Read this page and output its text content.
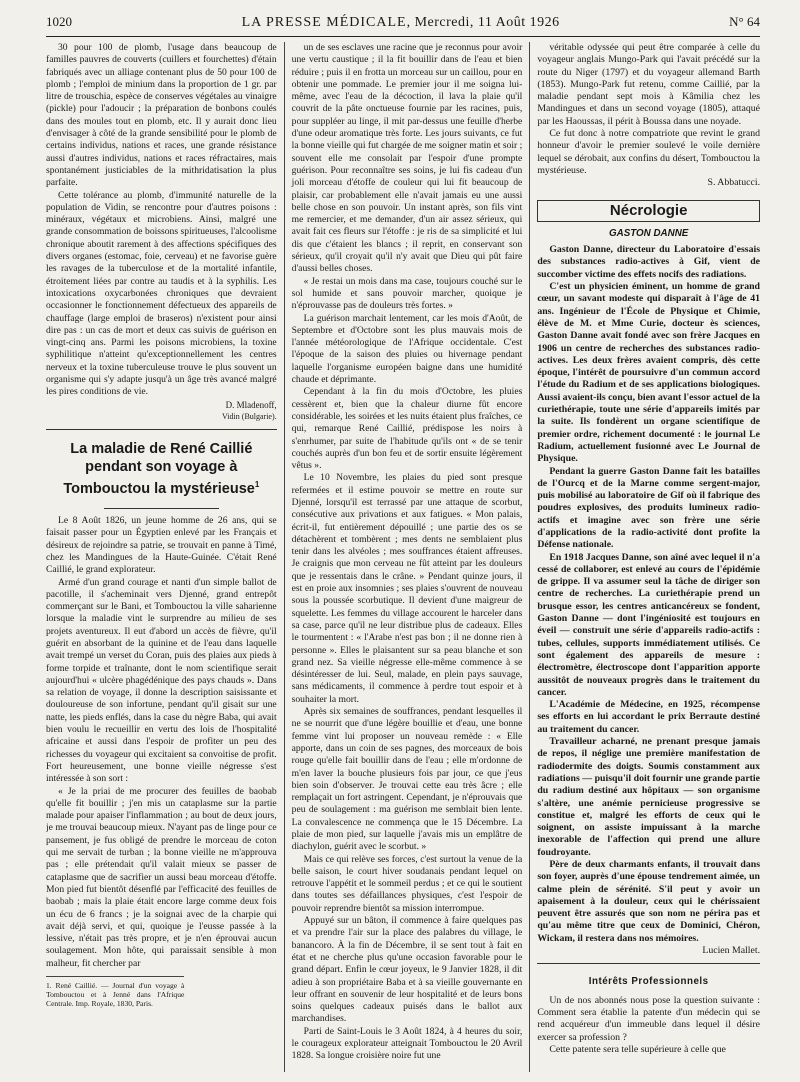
1020	LA PRESSE MÉDICALE, Mercredi, 11 Août 1926	N° 64

30 pour 100 de plomb, l'usage dans beaucoup de familles pauvres de couverts (cuillers et fourchettes) d'étain fabriqués avec un alliage contenant plus de 50 pour 100 de plomb ; l'emploi de minium dans la proportion de 1 gr. par litre de trouschia, espèce de conserves végétales au vinaigre (pickle) pour l'adoucir ; la préparation de bonbons coulés dans des moules tout en plomb, etc. Il y aurait donc lieu d'envisager à côté de la grande sensibilité pour le plomb de certains individus, nations et races, une grande résistance aussi d'autres individus, nations et races réfractaires, mais spontanément justiciables de la mithridatisation la plus parfaite.

Cette tolérance au plomb, d'immunité naturelle de la population de Vidin, se rencontre pour d'autres poisons : minéraux, végétaux et microbiens. Ainsi, malgré une grande consommation de boissons spiritueuses, l'alcoolisme chronique aboutit rarement à des affections spécifiques des divers organes (estomac, foie, cerveau) et ne favorise guère les ravages de la tuberculose et de la mortalité infantile, étroitement liées par contre au taudis et à la syphilis. Les intoxications oxycarbonées chroniques que devraient occasionner le fonctionnement défectueux des appareils de chauffage (large emploi de braseros) n'existent pour ainsi dire pas : un cas de mort et deux cas suivis de guérison en vingt-cinq ans. Parmi les poisons microbiens, la toxine syphilitique n'atteint qu'exceptionnellement les centres nerveux et la toxine tuberculeuse trouve le plus souvent un organisme qui s'y adapte jusqu'à un âge très avancé malgré les pires conditions de vie.

D. Mladenoff,

Vidin (Bulgarie).

La maladie de René Caillié pendant son voyage à Tombouctou la mystérieuse$^1$

Le 8 Août 1826, un jeune homme de 26 ans, qui se faisait passer pour un Égyptien enlevé par les Français et désireux de rejoindre sa patrie, se trouvait en panne à Timé, chez les Mandingues de la Haute-Guinée. C'était René Caillié, le grand explorateur.

Armé d'un grand courage et nanti d'un simple ballot de pacotille, il s'acheminait vers Djenné, grand entrepôt commerçant sur le Bani, et Tombouctou la ville saharienne lorsque la maladie vint le surprendre au milieu de ses projets aventureux. Il eut d'abord un accès de fièvre, qu'il guérit en absorbant de la quinine et de l'eau dans laquelle avait trempé un verset du Coran, puis des plaies aux pieds à forme torpide et traînante, dont le nom scientifique serait aujourd'hui « ulcère phagédénique des pays chauds ». Dans sa relation de voyage, il donne la description saisissante et douloureuse de son infortune, pendant qu'il gisait sur une natte, les pieds enflés, dans la case du nègre Baba, qui avait bien voulu le recueillir en vertu des lois de l'hospitalité africaine et aussi dans l'espoir de profiter un peu des richesses du voyageur qui excitaient sa convoitise de profit. Fort heureusement, une bonne vieille négresse s'est intéressée à son sort :

« Je la priai de me procurer des feuilles de baobab qu'elle fit bouillir ; j'en mis un cataplasme sur la partie malade pour apaiser l'inflammation ; au bout de deux jours, je me trouvai beaucoup mieux. N'ayant pas de linge pour ce pansement, je fus obligé de prendre le morceau de coton qui me servait de turban ; la bonne vieille ne m'approuva pas ; elle prétendait qu'il valait mieux se passer de cataplasme que de sacrifier un aussi beau morceau d'étoffe. Mon pied fut bientôt désenflé par l'efficacité des feuilles de baobab ; mais la plaie était encore large comme deux fois un écu de 6 francs ; je la soignai avec de la charpie qui avait déjà servi, et qui, quoique je l'eusse passée à la lessive, n'était pas très propre, et je n'en éprouvai aucun soulagement. Mon hôte, qui paraissait sensible à mon malheur, fit chercher par

1. René Caillié. — Journal d'un voyage à Tombouctou et à Jenné dans l'Afrique Centrale. Imp. Royale, 1830, Paris.

un de ses esclaves une racine que je reconnus pour avoir une vertu caustique ; il la fit bouillir dans de l'eau et bien réduire ; puis il en frotta un morceau sur un caillou, pour en obtenir une pommade. Le premier jour il me soigna lui-même, avec l'eau de la décoction, il lava la plaie qu'il couvrit de la pâte onctueuse fournie par les racines, puis, pour suppléer au linge, il mit par-dessus une feuille d'herbe d'une odeur aromatique très forte. Les jours suivants, ce fut la bonne vieille qui fut chargée de me soigner matin et soir ; souvent elle me consolait par l'espoir d'une prompte guérison. Pour reconnaître ses soins, je lui fis cadeau d'un joli morceau d'étoffe de couleur qui lui fit beaucoup de plaisir, car probablement elle n'avait jamais eu une aussi belle chose en son pouvoir. Un instant après, son fils vint me remercier, et me demander, d'un air assez sérieux, qui avait fait ces fleurs sur l'étoffe : je ris de sa simplicité et lui dis que c'étaient les blancs ; il reprit, en conservant son sérieux, qu'il croyait qu'il n'y avait que Dieu qui pût faire d'aussi belles choses.

« Je restai un mois dans ma case, toujours couché sur le sol humide et sans pouvoir marcher, quoique je n'éprouvasse pas de douleurs très fortes. »

La guérison marchait lentement, car les mois d'Août, de Septembre et d'Octobre sont les plus mauvais mois de l'année météorologique de l'Afrique occidentale. C'est l'époque de la saison des pluies ou hivernage pendant laquelle l'organisme européen baigne dans une humidité chaude et déprimante.

Cependant à la fin du mois d'Octobre, les pluies cessèrent et, bien que la chaleur diurne fût encore considérable, les soirées et les nuits étaient plus fraîches, ce qui, remarque René Caillié, prédispose les noirs à s'enrhumer, par suite de l'habitude qu'ils ont « de se tenir couchés auprès d'un bon feu et de sortir ensuite légèrement vêtus ».

Le 10 Novembre, les plaies du pied sont presque refermées et il estime pouvoir se mettre en route sur Djenné, lorsqu'il est terrassé par une attaque de scorbut, consécutive aux privations et aux fatigues. « Mon palais, écrit-il, fut entièrement dépouillé ; une partie des os se détachèrent et tombèrent ; mes dents ne semblaient plus tenir dans les alvéoles ; mes souffrances étaient affreuses. Je craignis que mon cerveau ne fût atteint par les douleurs que je ressentais dans le crâne. » Pendant quinze jours, il est en proie aux insomnies ; ses plaies s'ouvrent de nouveau sous la poussée scorbutique. Il devient d'une maigreur de squelette. Les femmes du village accourent le harceler dans sa case, parce qu'il ne leur distribue plus de cadeaux. Elles le tourmentent : « l'Arabe n'est pas bon ; il ne donne rien à personne ». Elles le plaisantent sur sa peau blanche et son grand nez. Sa vieille négresse elle-même commence à se désintéresser de lui. Seul, malade, en plein pays sauvage, sans médicaments, il commence à perdre tout espoir et à souhaiter la mort.

Après six semaines de souffrances, pendant lesquelles il ne se nourrit que d'une légère bouillie et d'eau, une bonne femme vint lui proposer un nouveau remède : « Elle apporte, dans un coin de ses pagnes, des morceaux de bois rouge qu'elle fait bouillir dans de l'eau ; elle m'ordonne de m'en laver la bouche plusieurs fois par jour, ce que j'eus bien soin d'observer. Je trouvai cette eau très âcre ; elle remplaçait un fort astringent. Cependant, je n'éprouvais que peu de soulagement : ma guérison me semblait bien lente. La convalescence ne commença que le 15 Décembre. La plaie de mon pied, sur laquelle j'avais mis un emplâtre de diachylon, guérit avec le scorbut. »

Mais ce qui relève ses forces, c'est surtout la venue de la belle saison, le court hiver soudanais pendant lequel on retrouve l'appétit et le sommeil perdus ; et ce qui le soutient dans toutes ses défaillances physiques, c'est l'espoir de pouvoir reprendre bientôt sa mission interrompue.

Appuyé sur un bâton, il commence à faire quelques pas et va prendre l'air sur la place des palabres du village, le banancoro. À la fin de Décembre, il se sent tout à fait en état et ne cherche plus qu'une occasion favorable pour le grand départ. Enfin le cœur joyeux, le 9 Janvier 1828, il dit adieu à son propriétaire Baba et à sa vieille gouvernante en leur offrant en souvenir de leur hospitalité et de leurs bons soins quelques cadeaux puisés dans le ballot aux marchandises.

Parti de Saint-Louis le 3 Août 1824, à 4 heures du soir, le courageux explorateur atteignait Tombouctou le 20 Avril 1828. Sa longue croisière noire fut une

véritable odyssée qui peut être comparée à celle du voyageur anglais Mungo-Park qui l'avait précédé sur la route du Niger (1797) et du voyageur allemand Barth (1853). Mungo-Park fut retenu, comme Caillié, par la maladie pendant sept mois à Kâmilia chez les Mandingues et dans un second voyage (1805), attaqué par les Haoussas, il périt à Boussa dans une noyade.

Ce fut donc à notre compatriote que revint le grand honneur d'avoir le premier soulevé le voile dernière lequel se dérobait, aux confins du désert, Tombouctou la mystérieuse.

S. Abbatucci.

Nécrologie

GASTON DANNE

Gaston Danne, directeur du Laboratoire d'essais des substances radio-actives à Gif, vient de succomber victime des effets nocifs des radiations.

C'est un physicien éminent, un homme de grand cœur, un savant modeste qui disparaît à l'âge de 41 ans. Ingénieur de l'École de Physique et Chimie, élève de M. et Mme Curie, docteur ès sciences, Gaston Danne avait fondé avec son frère Jacques en 1906 un centre de recherches des substances radio-actives. Les deux frères avaient compris, dès cette époque, l'intérêt de poursuivre d'un commun accord l'étude du Radium et de ses applications biologiques. Aussi avaient-ils conçu, bien avant l'essor actuel de la curiethérapie, toute une série d'appareils imités par la suite. Ils fondèrent un organe scientifique de premier ordre, richement documenté : le journal Le Radium, actuellement fusionné avec Le Journal de Physique.

Pendant la guerre Gaston Danne fait les batailles de l'Ourcq et de la Marne comme sergent-major, puis mobilisé au laboratoire de Gif où il fabrique des poudres explosives, des produits lumineux radio-actifs et imagine avec son frère une série d'applications de la radio-activité dont profite la Défense nationale.

En 1918 Jacques Danne, son aîné avec lequel il n'a cessé de collaborer, est enlevé au cours de l'épidémie de grippe. Il va assumer seul la tâche de diriger son centre de recherches. La curiethérapie prend un brusque essor, les centres anticancéreux se fondent, Gaston Danne — dont l'ingéniosité est toujours en éveil — construit une série d'appareils radio-actifs : tubes, cellules, supports immédiatement utilisés. Ce sont également des appareils de mesure : électromètre, électroscope dont l'apparition apporte aussitôt de nouveaux progrès dans le traitement du cancer.

L'Académie de Médecine, en 1925, récompense ses efforts en lui accordant le prix Berraute destiné au traitement du cancer.

Travailleur acharné, ne prenant presque jamais de repos, il néglige une première manifestation de radiodermite des doigts. Soumis constamment aux radiations — puisqu'il doit fournir une grande partie du radium destiné aux hôpitaux — son organisme s'altère, une anémie pernicieuse progressive se constitue et, malgré les efforts de ceux qui le soignent, on assiste impuissant à la marche inexorable de l'affection qui prend une allure foudroyante.

Père de deux charmants enfants, il trouvait dans son foyer, auprès d'une épouse tendrement aimée, un calme plein de sérénité. S'il peut y avoir un apaisement à la douleur, ceux qui le chérissaient peuvent être assurés que son nom ne périra pas et qu'au même titre que ceux de Dominici, Chéron, Wickam, il restera dans nos mémoires.

Lucien Mallet.

Intérêts Professionnels

Un de nos abonnés nous pose la question suivante : Comment sera établie la patente d'un médecin qui se rend acquéreur d'un immeuble dans lequel il désire exercer sa profession ?

Cette patente sera telle supérieure à celle que
